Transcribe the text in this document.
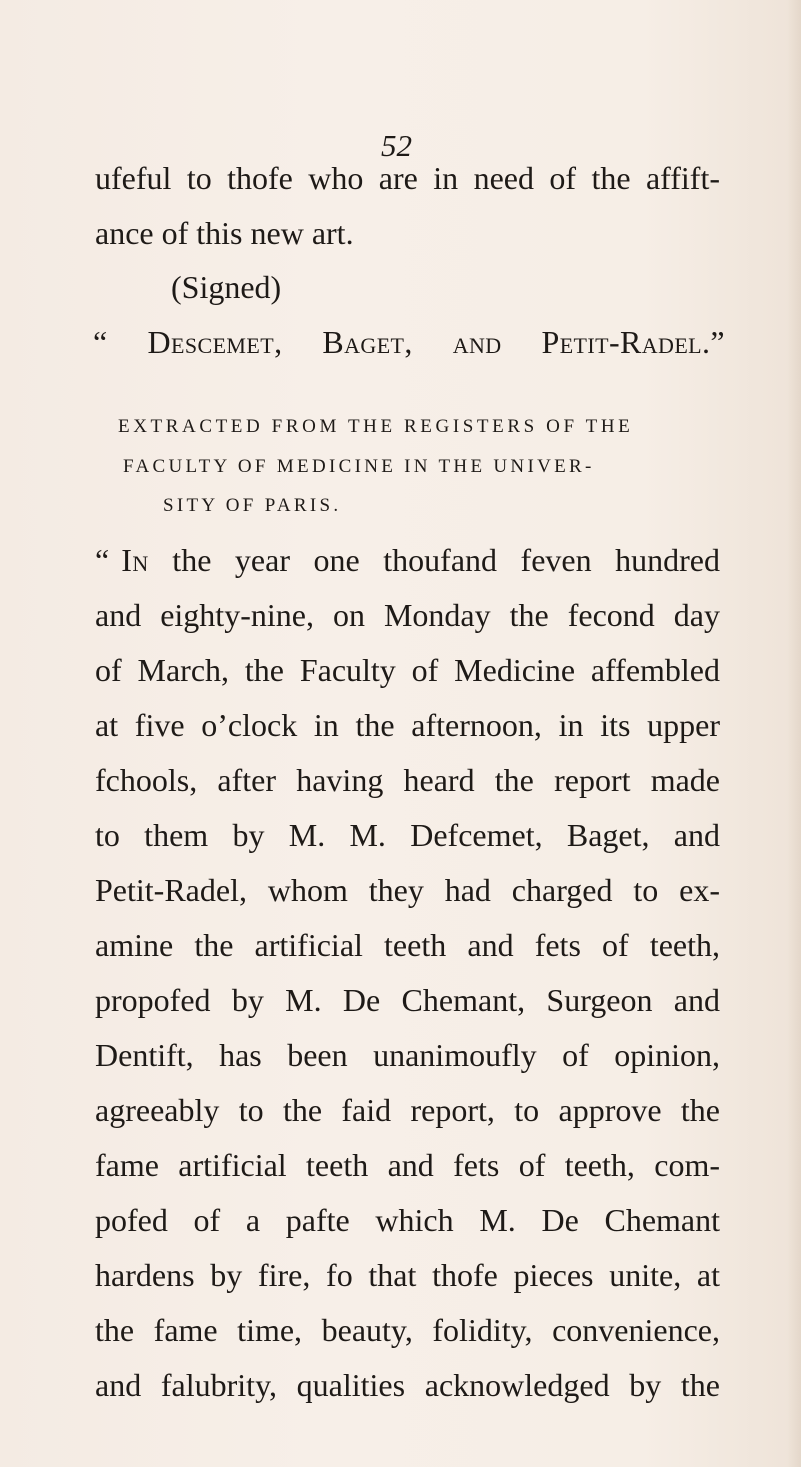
52
ufeful to thofe who are in need of the affift-
ance of this new art.
(Signed)
“ Descemet, Baget, and Petit-Radel.”
EXTRACTED FROM THE REGISTERS OF THE
FACULTY OF MEDICINE IN THE UNIVER-
SITY OF PARIS.
“ In the year one thoufand feven hundred
and eighty-nine, on Monday the fecond day
of March, the Faculty of Medicine affembled
at five o’clock in the afternoon, in its upper
fchools, after having heard the report made
to them by M. M. Defcemet, Baget, and
Petit-Radel, whom they had charged to ex-
amine the artificial teeth and fets of teeth,
propofed by M. De Chemant, Surgeon and
Dentift, has been unanimoufly of opinion,
agreeably to the faid report, to approve the
fame artificial teeth and fets of teeth, com-
pofed of a pafte which M. De Chemant
hardens by fire, fo that thofe pieces unite, at
the fame time, beauty, folidity, convenience,
and falubrity, qualities acknowledged by the
